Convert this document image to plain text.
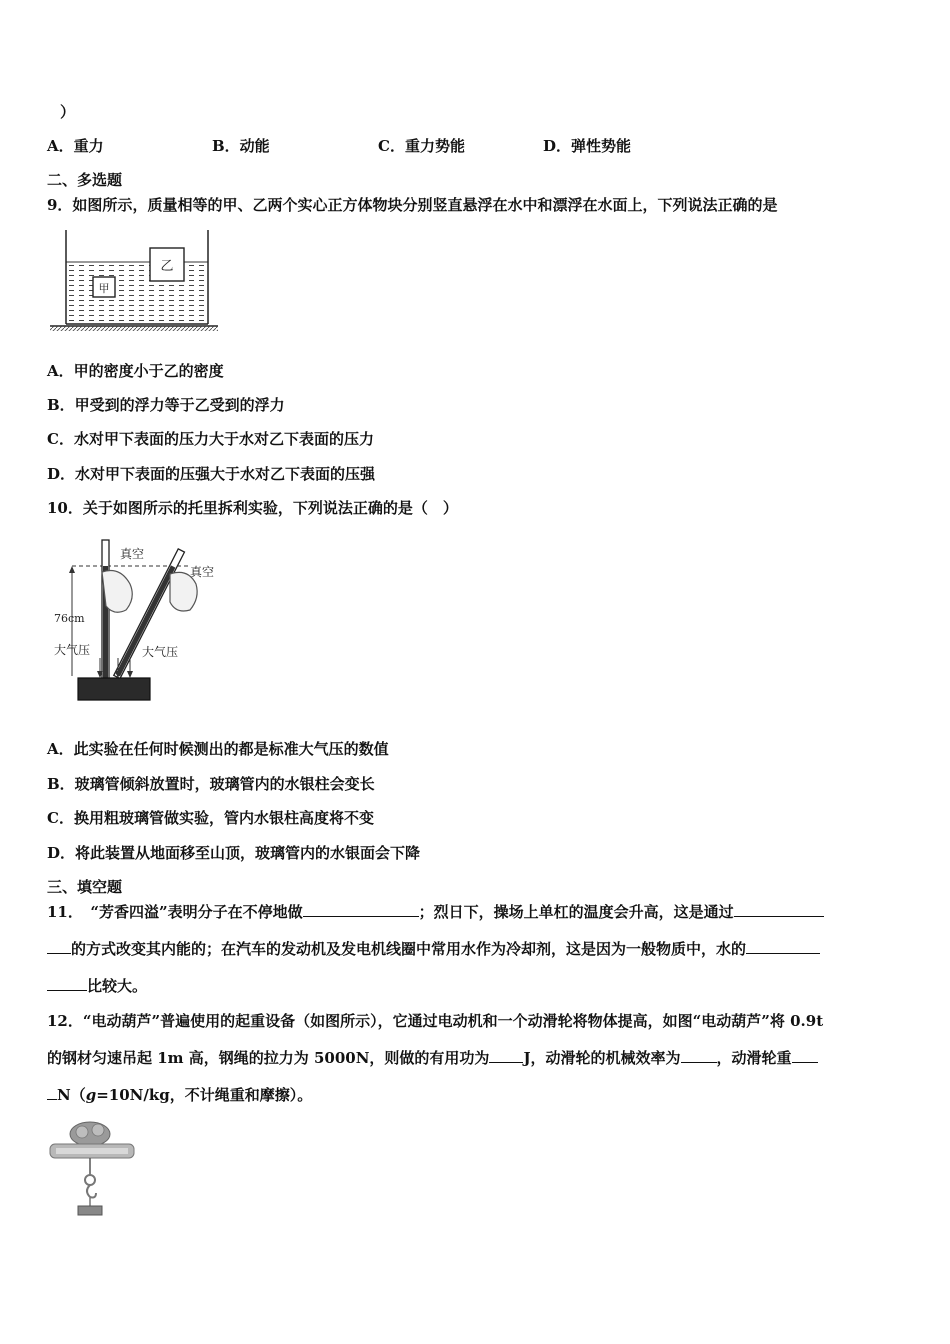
）
A．重力	B．动能	C．重力势能	D．弹性势能
二、多选题
9．如图所示，质量相等的甲、乙两个实心正方体物块分别竖直悬浮在水中和漂浮在水面上，下列说法正确的是
乙
甲
A．甲的密度小于乙的密度
B．甲受到的浮力等于乙受到的浮力
C．水对甲下表面的压力大于水对乙下表面的压力
D．水对甲下表面的压强大于水对乙下表面的压强
10．关于如图所示的托里拆利实验，下列说法正确的是（　）
真空
真空
76cm
大气压	大气压
A．此实验在任何时候测出的都是标准大气压的数值
B．玻璃管倾斜放置时，玻璃管内的水银柱会变长
C．换用粗玻璃管做实验，管内水银柱高度将不变
D．将此装置从地面移至山顶，玻璃管内的水银面会下降
三、填空题
11．　“芳香四溢”表明分子在不停地做	；烈日下，操场上单杠的温度会升高，这是通过
的方式改变其内能的；在汽车的发动机及发电机线圈中常用水作为冷却剂，这是因为一般物质中，水的
比较大。
12．“电动葫芦”普遍使用的起重设备（如图所示），它通过电动机和一个动滑轮将物体提高，如图“电动葫芦”将 0.9t
的钢材匀速吊起 1m 高，钢绳的拉力为 5000N，则做的有用功为 J，动滑轮的机械效率为 ，动滑轮重
N（g=10N/kg，不计绳重和摩擦）。
